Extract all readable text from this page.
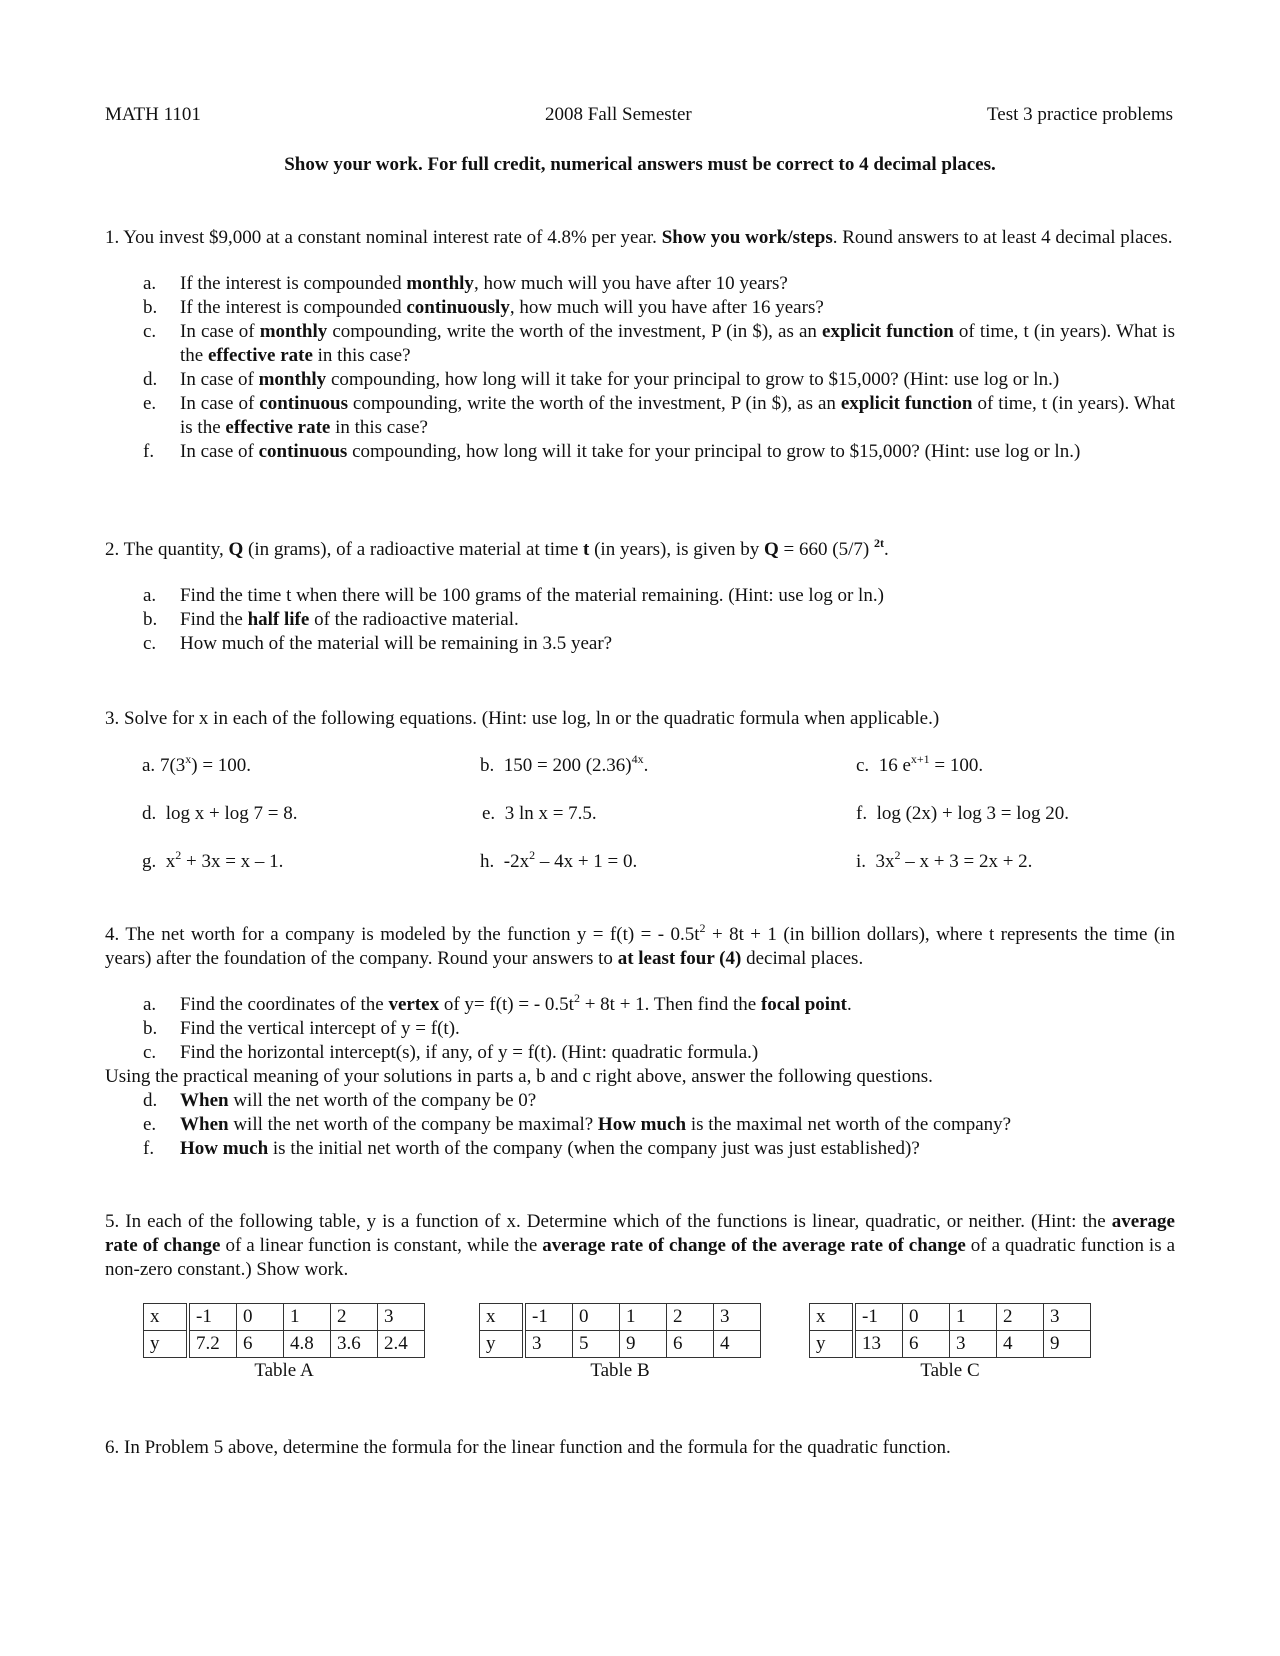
MATH 1101	2008 Fall Semester	Test 3 practice problems
Show your work. For full credit, numerical answers must be correct to 4 decimal places.
1. You invest $9,000 at a constant nominal interest rate of 4.8% per year. Show you work/steps. Round answers to at least 4 decimal places.
a. If the interest is compounded monthly, how much will you have after 10 years?
b. If the interest is compounded continuously, how much will you have after 16 years?
c. In case of monthly compounding, write the worth of the investment, P (in $), as an explicit function of time, t (in years). What is the effective rate in this case?
d. In case of monthly compounding, how long will it take for your principal to grow to $15,000? (Hint: use log or ln.)
e. In case of continuous compounding, write the worth of the investment, P (in $), as an explicit function of time, t (in years). What is the effective rate in this case?
f. In case of continuous compounding, how long will it take for your principal to grow to $15,000? (Hint: use log or ln.)
2. The quantity, Q (in grams), of a radioactive material at time t (in years), is given by Q = 660 (5/7) $^{2t}$.
a. Find the time t when there will be 100 grams of the material remaining. (Hint: use log or ln.)
b. Find the half life of the radioactive material.
c. How much of the material will be remaining in 3.5 year?
3. Solve for x in each of the following equations. (Hint: use log, ln or the quadratic formula when applicable.)
a. $7(3^x) = 100$.	b. 150 = 200 $(2.36)^{4x}$.	c. 16 $e^{x+1} = 100$.
d. log x + log 7 = 8.	e. 3 ln x = 7.5.	f. log (2x) + log 3 = log 20.
g. $x^2 + 3x = x - 1$.	h. $-2x^2 - 4x + 1 = 0$.	i. $3x^2 - x + 3 = 2x + 2$.
4. The net worth for a company is modeled by the function y = f(t) = - $0.5t^2 + 8t + 1$ (in billion dollars), where t represents the time (in years) after the foundation of the company. Round your answers to at least four (4) decimal places.
a. Find the coordinates of the vertex of y= f(t) = - $0.5t^2 + 8t + 1$. Then find the focal point.
b. Find the vertical intercept of y = f(t).
c. Find the horizontal intercept(s), if any, of y = f(t). (Hint: quadratic formula.)
Using the practical meaning of your solutions in parts a, b and c right above, answer the following questions.
d. When will the net worth of the company be 0?
e. When will the net worth of the company be maximal? How much is the maximal net worth of the company?
f. How much is the initial net worth of the company (when the company just was just established)?
5. In each of the following table, y is a function of x. Determine which of the functions is linear, quadratic, or neither. (Hint: the average rate of change of a linear function is constant, while the average rate of change of the average rate of change of a quadratic function is a non-zero constant.) Show work.
x	-1	0	1	2	3
y	7.2	6	4.8	3.6	2.4
Table A
x	-1	0	1	2	3
y	3	5	9	6	4
Table B
x	-1	0	1	2	3
y	13	6	3	4	9
Table C
6. In Problem 5 above, determine the formula for the linear function and the formula for the quadratic function.
